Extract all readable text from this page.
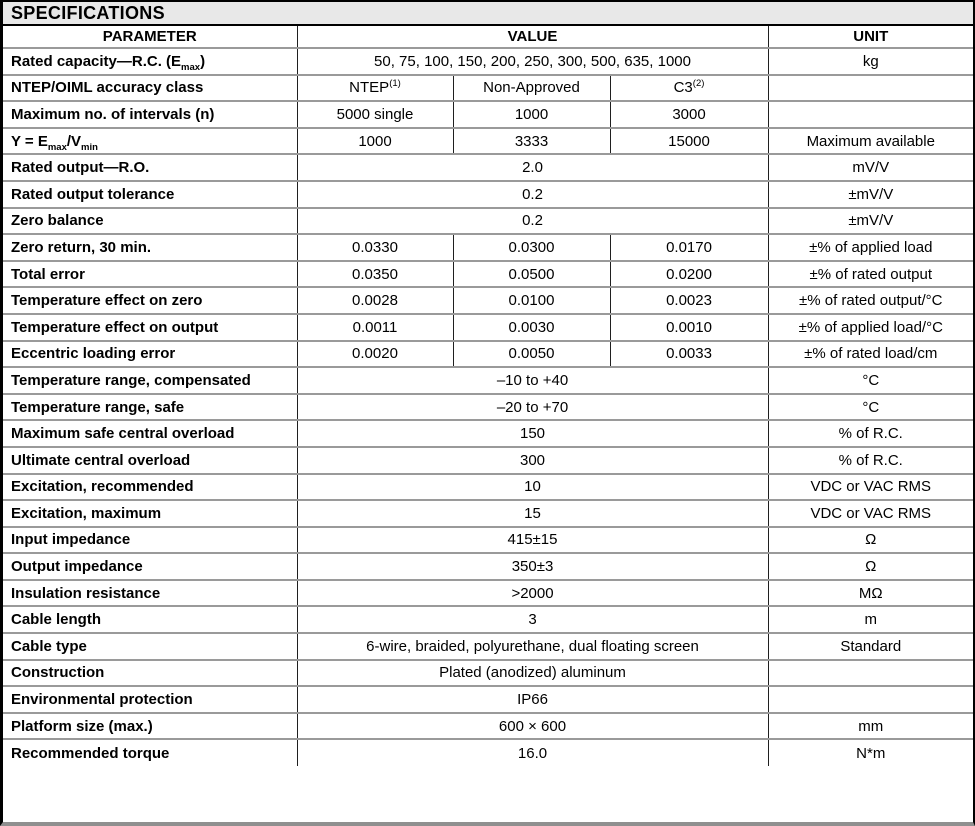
SPECIFICATIONS
PARAMETER	VALUE			UNIT
Rated capacity—R.C. $(E_{max})$	50, 75, 100, 150, 200, 250, 300, 500, 635, 1000			kg
NTEP/OIML accuracy class	NTEP$^{(1)}$	Non-Approved	C3$^{(2)}$	
Maximum no. of intervals (n)	5000 single	1000	3000	
$Y = E_{max}/V_{min}$	1000	3333	15000	Maximum available
Rated output—R.O.	2.0			mV/V
Rated output tolerance	0.2			±mV/V
Zero balance	0.2			±mV/V
Zero return, 30 min.	0.0330	0.0300	0.0170	±% of applied load
Total error	0.0350	0.0500	0.0200	±% of rated output
Temperature effect on zero	0.0028	0.0100	0.0023	±% of rated output/°C
Temperature effect on output	0.0011	0.0030	0.0010	±% of applied load/°C
Eccentric loading error	0.0020	0.0050	0.0033	±% of rated load/cm
Temperature range, compensated	–10 to +40			°C
Temperature range, safe	–20 to +70			°C
Maximum safe central overload	150			% of R.C.
Ultimate central overload	300			% of R.C.
Excitation, recommended	10			VDC or VAC RMS
Excitation, maximum	15			VDC or VAC RMS
Input impedance	415±15			Ω
Output impedance	350±3			Ω
Insulation resistance	>2000			MΩ
Cable length	3			m
Cable type	6-wire, braided, polyurethane, dual floating screen			Standard
Construction	Plated (anodized) aluminum			
Environmental protection	IP66			
Platform size (max.)	600 × 600			mm
Recommended torque	16.0			N*m
